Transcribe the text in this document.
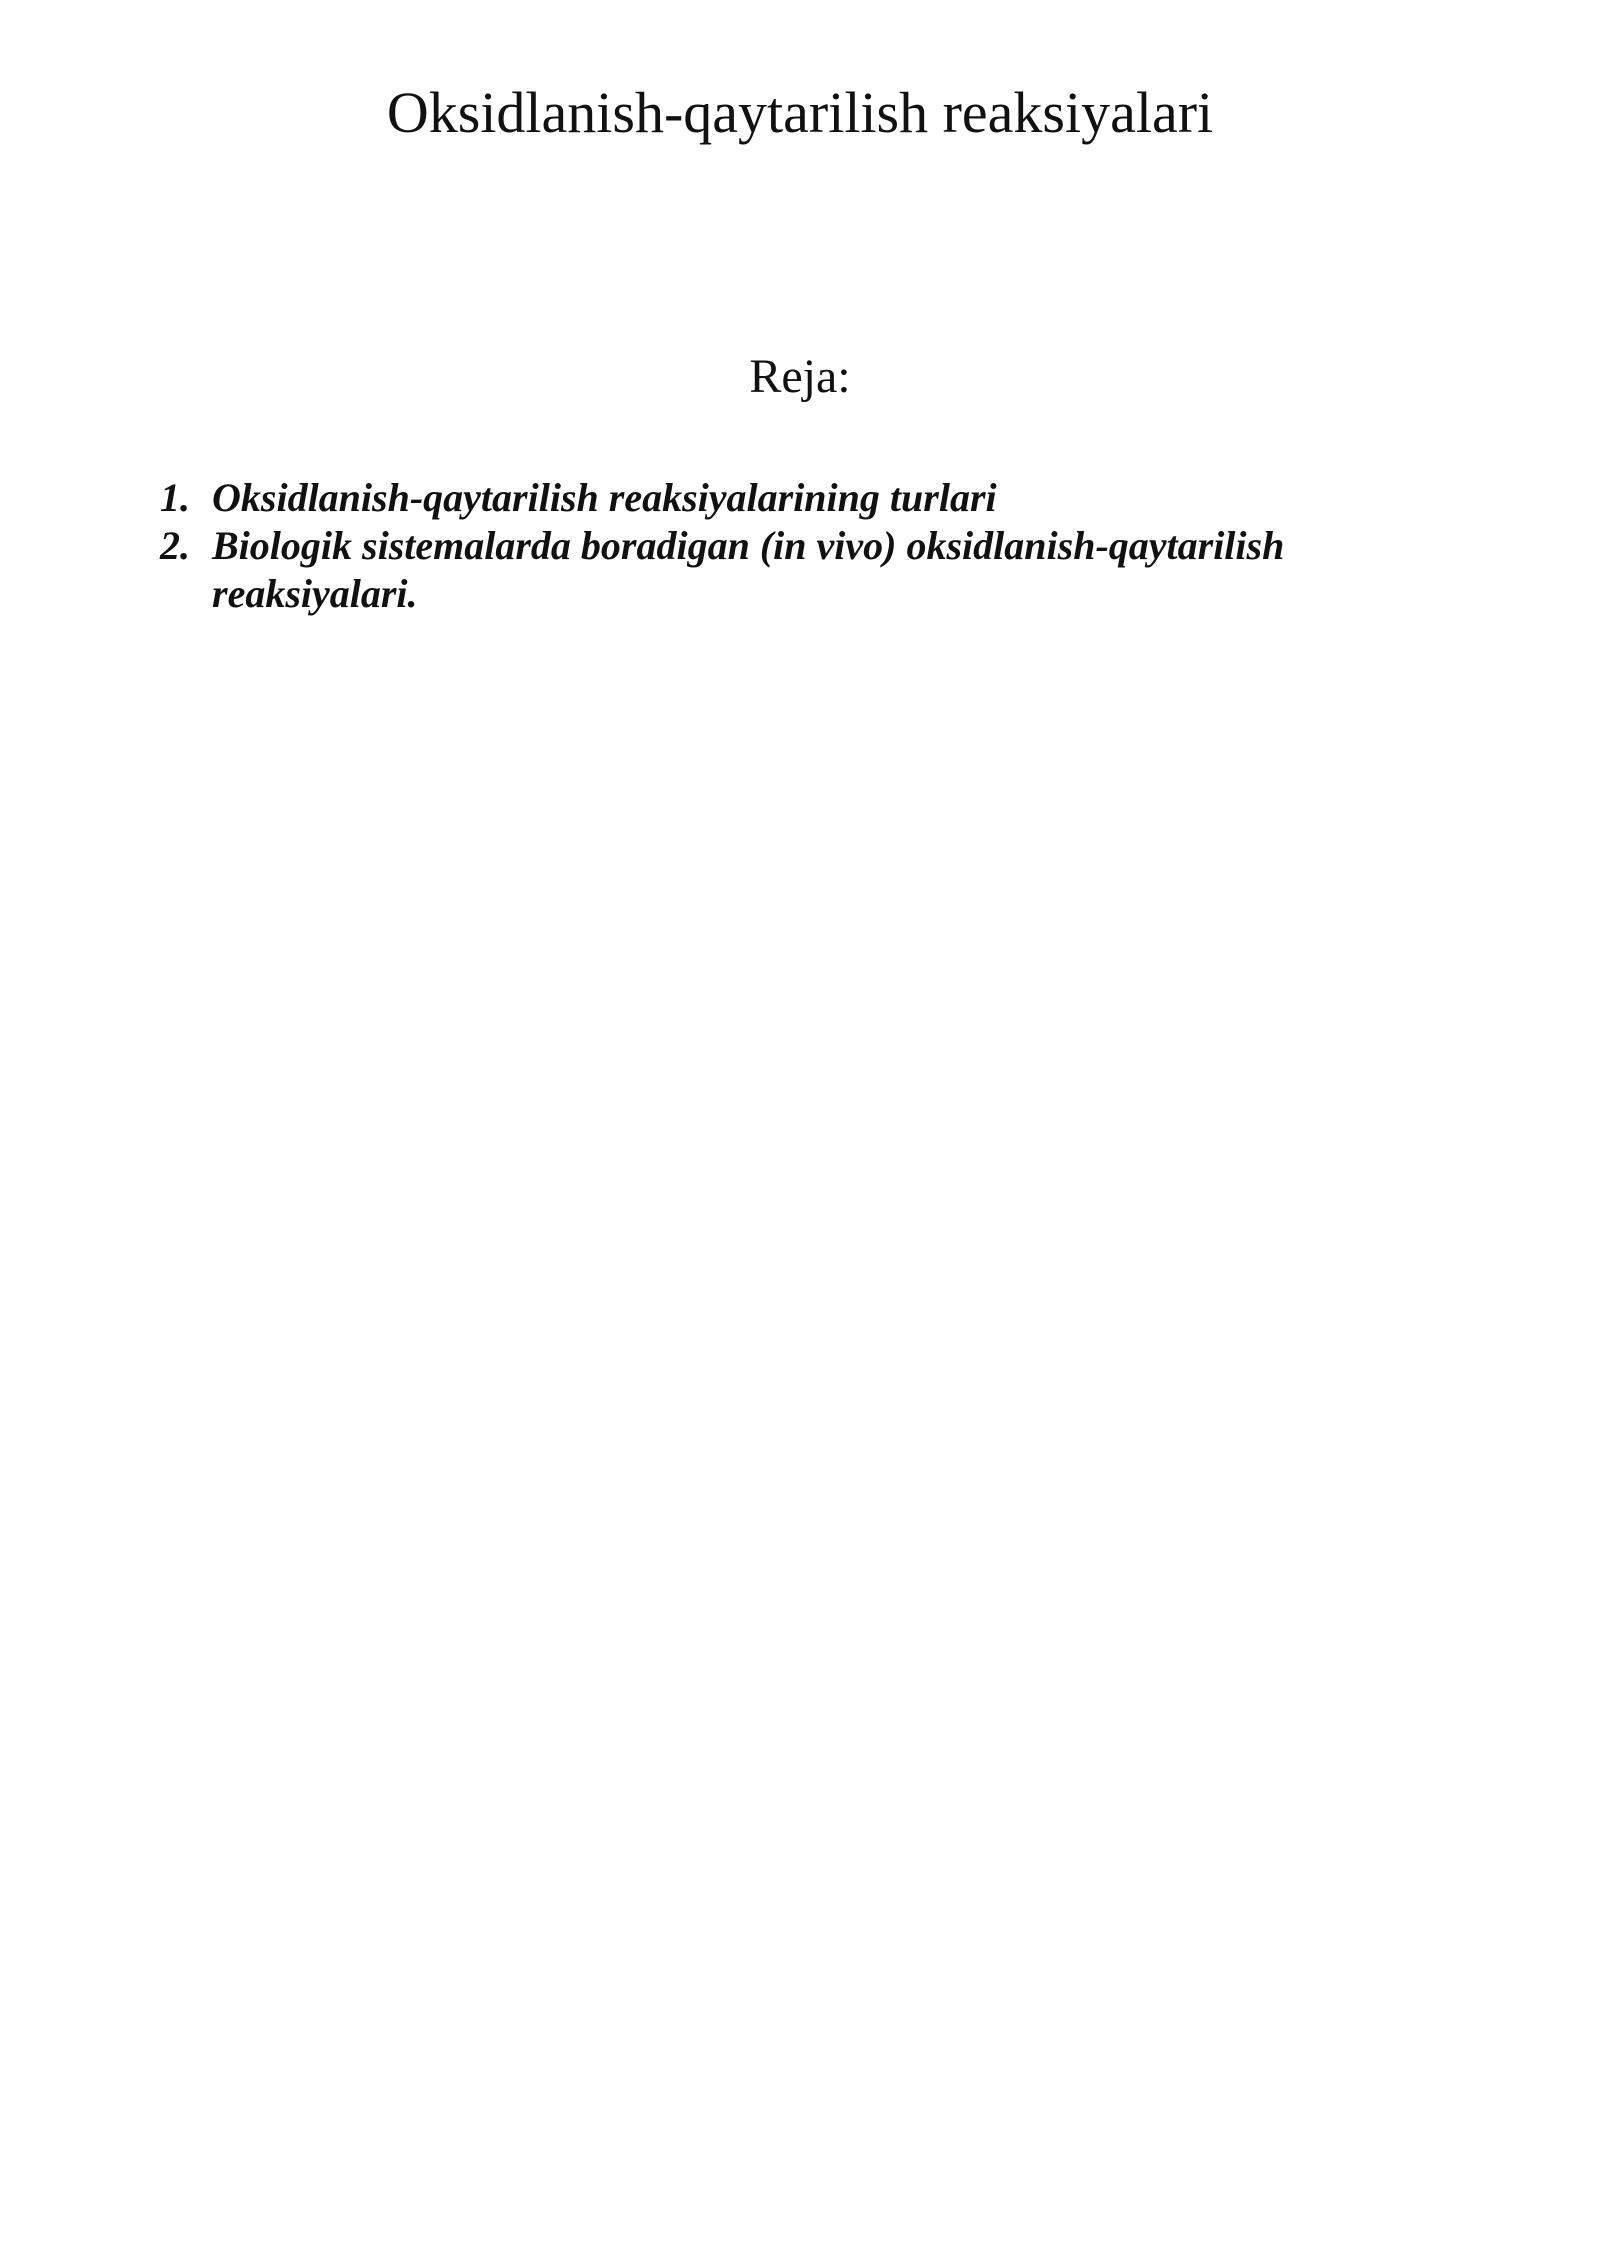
Oksidlanish-qaytarilish reaksiyalari
Reja:
1. Oksidlanish-qaytarilish reaksiyalarining turlari
2. Biologik sistemalarda boradigan (in vivo) oksidlanish-qaytarilish reaksiyalari.
